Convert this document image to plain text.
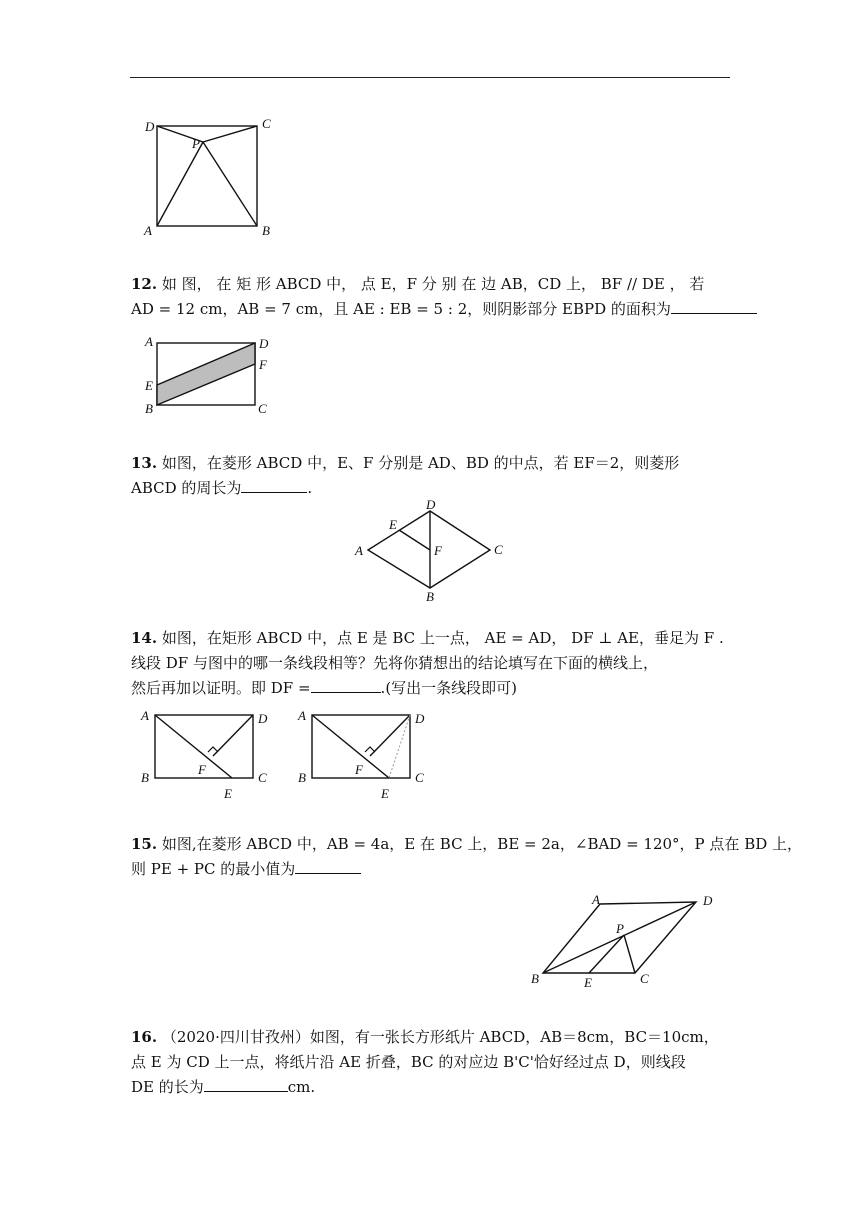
D	C
P
A	B
12. 如 图， 在 矩 形 ABCD 中， 点 E，F 分 别 在 边 AB，CD 上， BF // DE ， 若
AD = 12 cm，AB = 7 cm，且 AE : EB = 5 : 2，则阴影部分 EBPD 的面积为
A	D
F
E
B	C
13. 如图，在菱形 ABCD 中，E、F 分别是 AD、BD 的中点，若 EF＝2，则菱形
ABCD 的周长为	.
D
E
A	F	C
B
14. 如图，在矩形 ABCD 中，点 E 是 BC 上一点， AE = AD， DF ⊥ AE，垂足为 F .
线段 DF 与图中的哪一条线段相等？先将你猜想出的结论填写在下面的横线上，
然后再加以证明。即 DF =	.(写出一条线段即可)
A	D
B
F
C
E
A	D
B
F
C
E
15. 如图,在菱形 ABCD 中，AB = 4a，E 在 BC 上，BE = 2a，∠BAD = 120°，P 点在 BD 上，
则 PE + PC 的最小值为
A	D
P
B	E	C
16. （2020·四川甘孜州）如图，有一张长方形纸片 ABCD，AB＝8cm，BC＝10cm，
点 E 为 CD 上一点，将纸片沿 AE 折叠，BC 的对应边 B'C'恰好经过点 D，则线段
DE 的长为	cm.
